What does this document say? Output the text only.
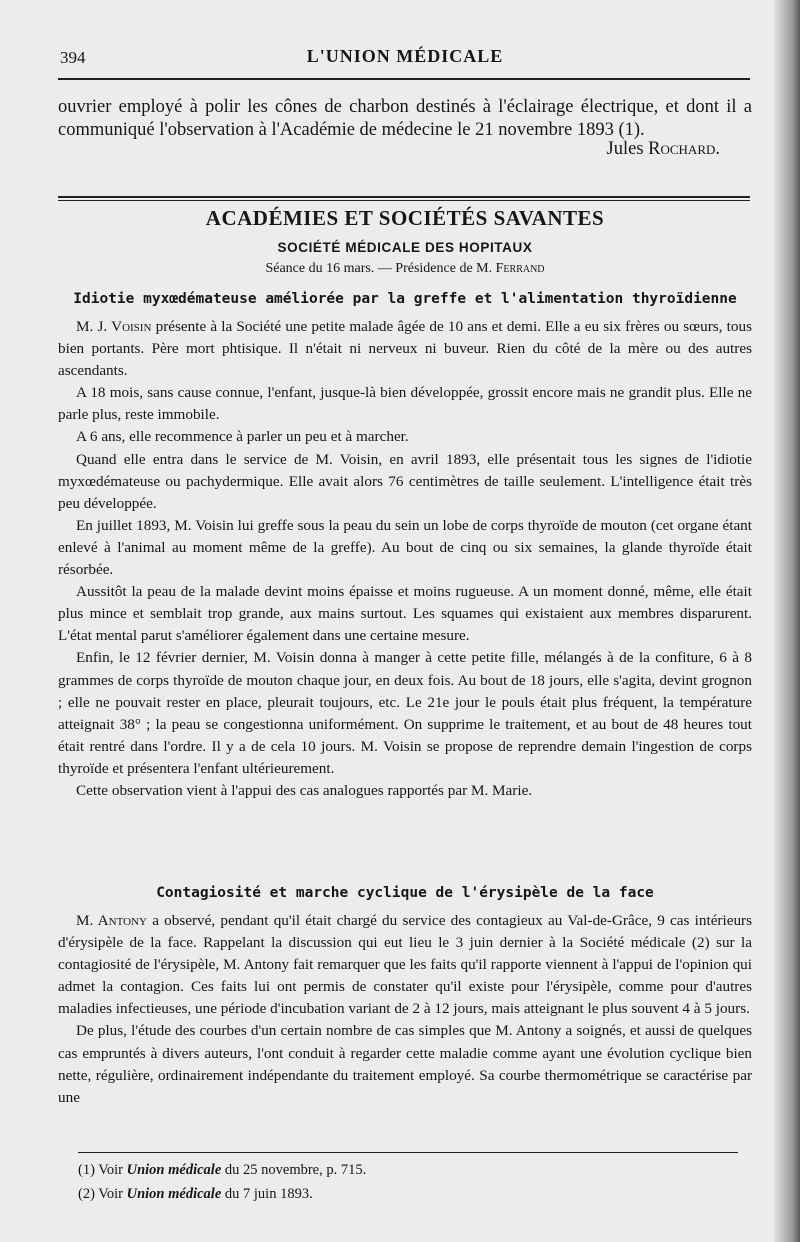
394	L'UNION MÉDICALE
ouvrier employé à polir les cônes de charbon destinés à l'éclairage électrique, et dont il a communiqué l'observation à l'Académie de médecine le 21 novembre 1893 (1).
Jules Rochard.
ACADÉMIES ET SOCIÉTÉS SAVANTES
SOCIÉTÉ MÉDICALE DES HOPITAUX
Séance du 16 mars. — Présidence de M. Ferrand
Idiotie myxœdémateuse améliorée par la greffe et l'alimentation thyroïdienne

M. J. Voisin présente à la Société une petite malade âgée de 10 ans et demi. Elle a eu six frères ou sœurs, tous bien portants. Père mort phtisique. Il n'était ni nerveux ni buveur. Rien du côté de la mère ou des autres ascendants.

A 18 mois, sans cause connue, l'enfant, jusque-là bien développée, grossit encore mais ne grandit plus. Elle ne parle plus, reste immobile.

A 6 ans, elle recommence à parler un peu et à marcher.

Quand elle entra dans le service de M. Voisin, en avril 1893, elle présentait tous les signes de l'idiotie myxœdémateuse ou pachydermique. Elle avait alors 76 centimètres de taille seulement. L'intelligence était très peu développée.

En juillet 1893, M. Voisin lui greffe sous la peau du sein un lobe de corps thyroïde de mouton (cet organe étant enlevé à l'animal au moment même de la greffe). Au bout de cinq ou six semaines, la glande thyroïde était résorbée.

Aussitôt la peau de la malade devint moins épaisse et moins rugueuse. A un moment donné, même, elle était plus mince et semblait trop grande, aux mains surtout. Les squames qui existaient aux membres disparurent. L'état mental parut s'améliorer également dans une certaine mesure.

Enfin, le 12 février dernier, M. Voisin donna à manger à cette petite fille, mélangés à de la confiture, 6 à 8 grammes de corps thyroïde de mouton chaque jour, en deux fois. Au bout de 18 jours, elle s'agita, devint grognon ; elle ne pouvait rester en place, pleurait toujours, etc. Le 21e jour le pouls était plus fréquent, la température atteignait 38° ; la peau se congestionna uniformément. On supprime le traitement, et au bout de 48 heures tout était rentré dans l'ordre. Il y a de cela 10 jours. M. Voisin se propose de reprendre demain l'ingestion de corps thyroïde et présentera l'enfant ultérieurement.

Cette observation vient à l'appui des cas analogues rapportés par M. Marie.

Contagiosité et marche cyclique de l'érysipèle de la face

M. Antony a observé, pendant qu'il était chargé du service des contagieux au Val-de-Grâce, 9 cas intérieurs d'érysipèle de la face. Rappelant la discussion qui eut lieu le 3 juin dernier à la Société médicale (2) sur la contagiosité de l'érysipèle, M. Antony fait remarquer que les faits qu'il rapporte viennent à l'appui de l'opinion qui admet la contagion. Ces faits lui ont permis de constater qu'il existe pour l'érysipèle, comme pour d'autres maladies infectieuses, une période d'incubation variant de 2 à 12 jours, mais atteignant le plus souvent 4 à 5 jours.

De plus, l'étude des courbes d'un certain nombre de cas simples que M. Antony a soignés, et aussi de quelques cas empruntés à divers auteurs, l'ont conduit à regarder cette maladie comme ayant une évolution cyclique bien nette, régulière, ordinairement indépendante du traitement employé. Sa courbe thermométrique se caractérise par une

(1) Voir Union médicale du 25 novembre, p. 715.
(2) Voir Union médicale du 7 juin 1893.
